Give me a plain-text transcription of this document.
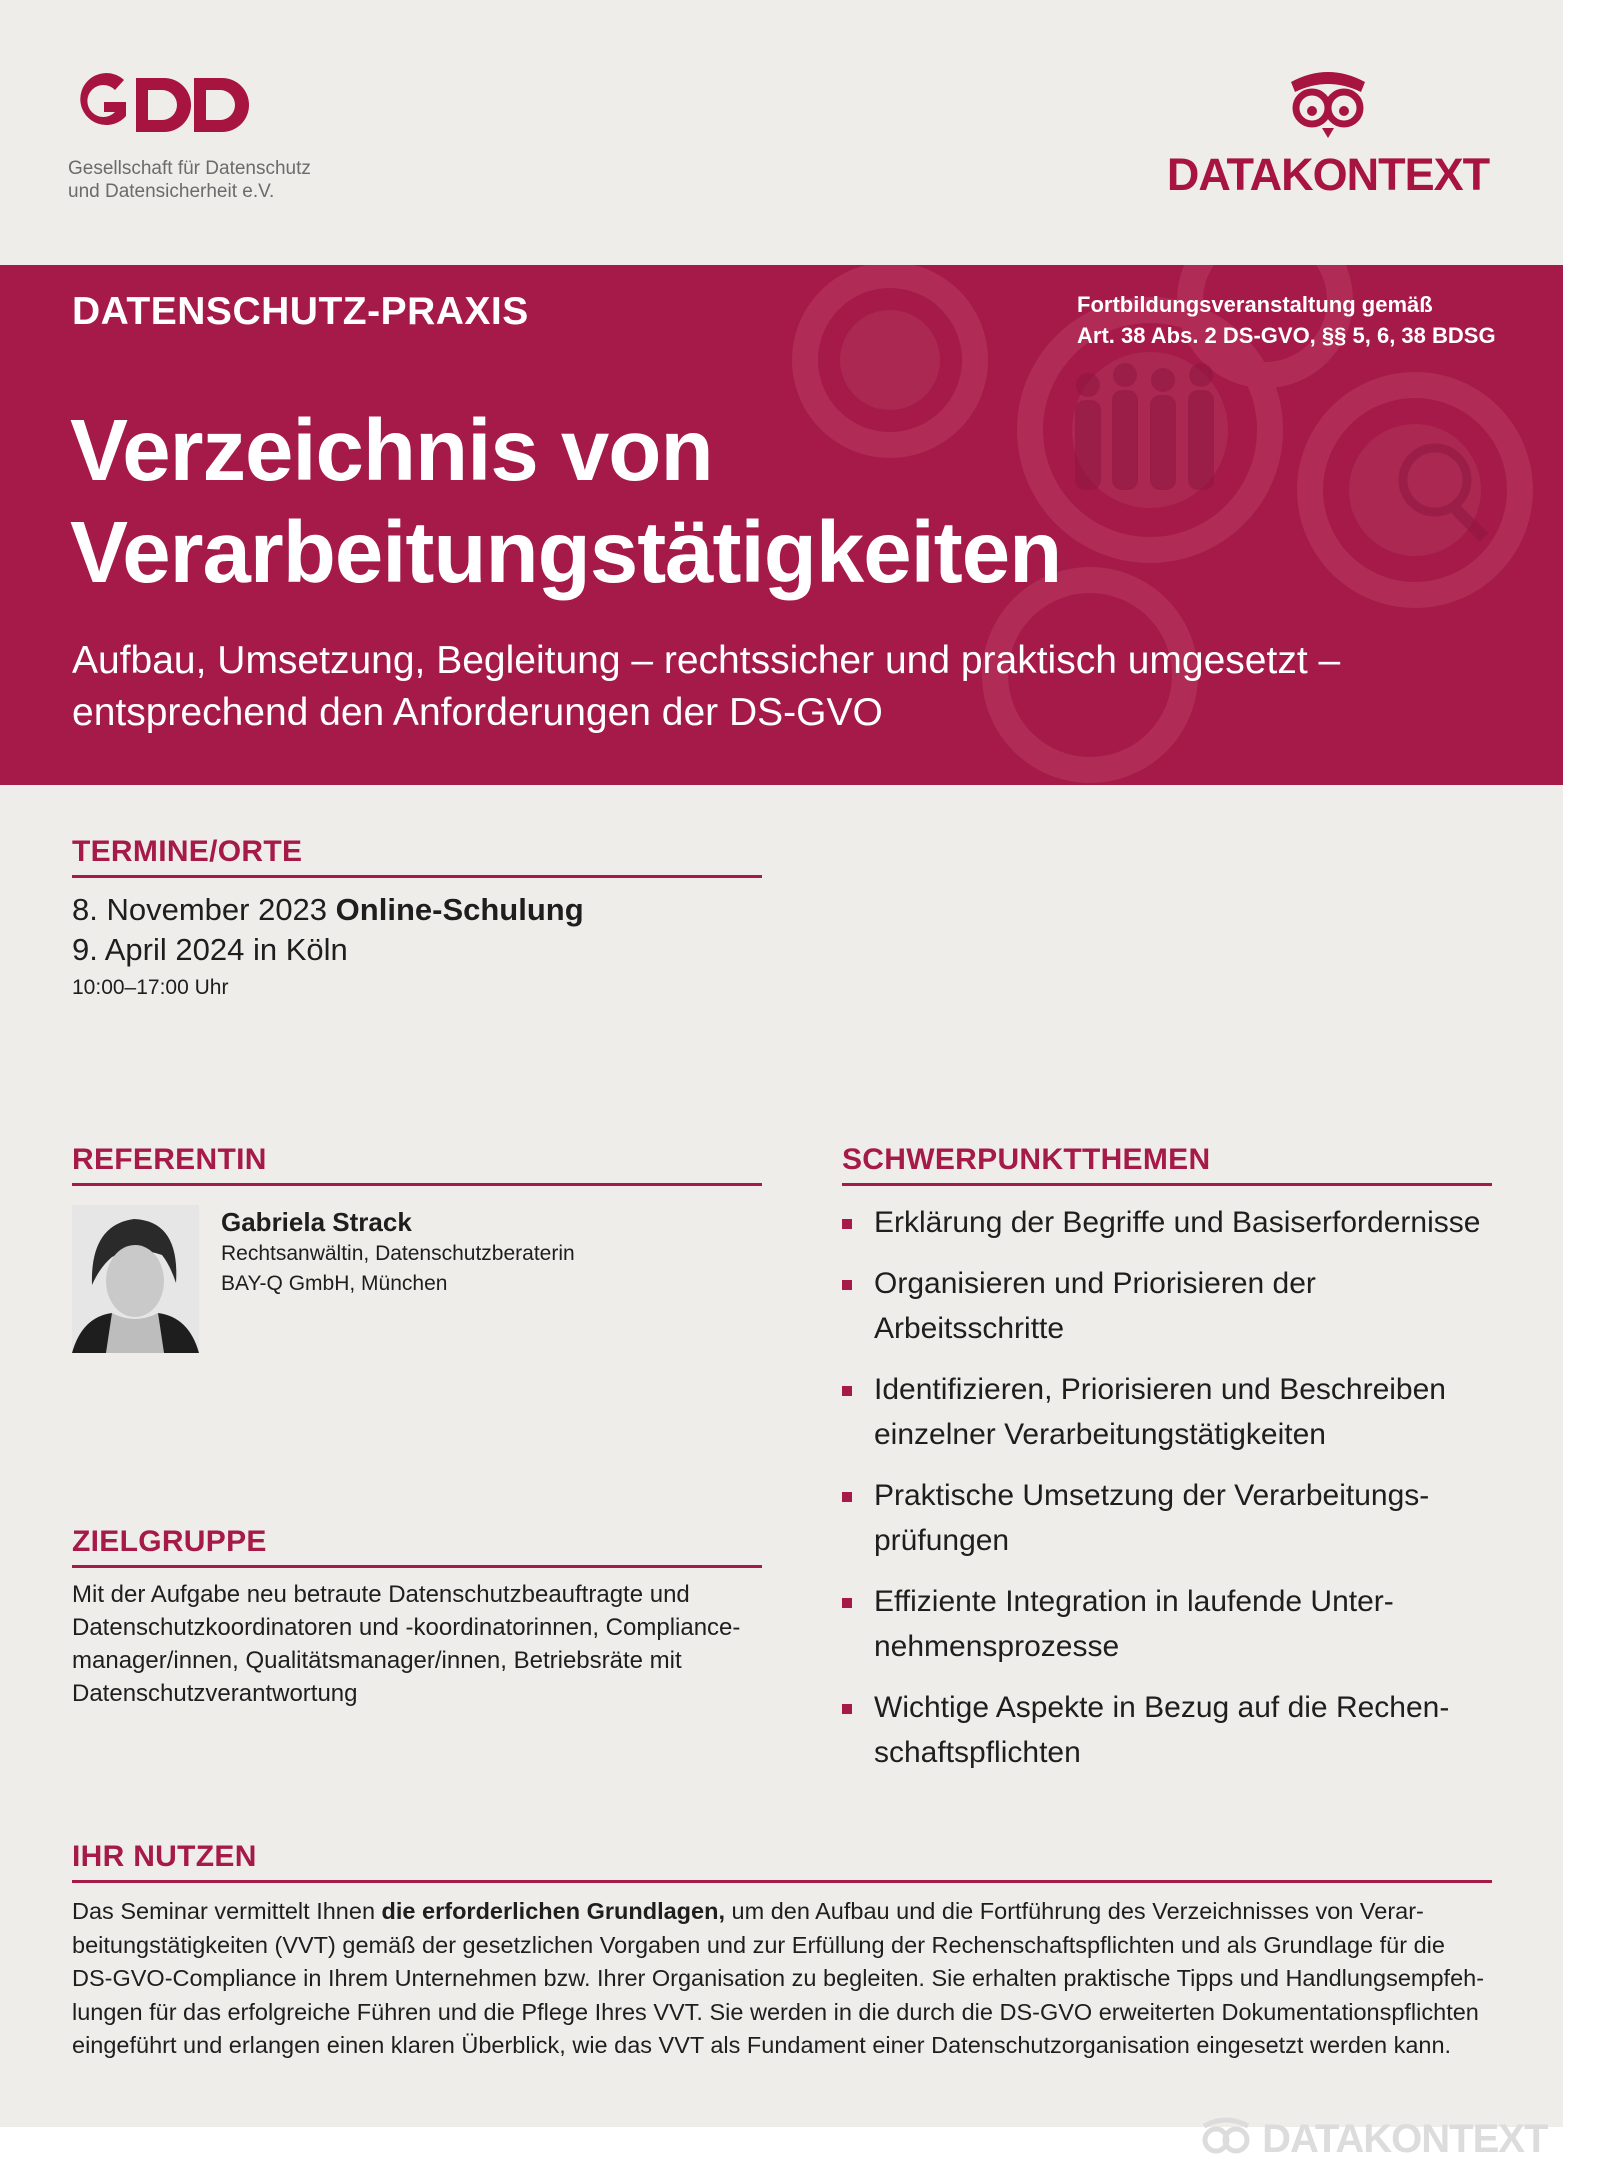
Gesellschaft für Datenschutz
und Datensicherheit e.V.	DATAKONTEXT
DATENSCHUTZ-PRAXIS	Fortbildungsveranstaltung gemäß
Art. 38 Abs. 2 DS-GVO, §§ 5, 6, 38 BDSG
Verzeichnis von
Verarbeitungstätigkeiten
Aufbau, Umsetzung, Begleitung – rechtssicher und praktisch umgesetzt –
entsprechend den Anforderungen der DS-GVO
TERMINE/ORTE
8. November 2023 Online-Schulung
9. April 2024 in Köln
10:00–17:00 Uhr
REFERENTIN
Gabriela Strack
Rechtsanwältin, Datenschutzberaterin
BAY-Q GmbH, München
ZIELGRUPPE
Mit der Aufgabe neu betraute Datenschutzbeauftragte und
Datenschutzkoordinatoren und -koordinatorinnen, Compliance-
manager/innen, Qualitätsmanager/innen, Betriebsräte mit
Datenschutzverantwortung
SCHWERPUNKTTHEMEN
Erklärung der Begriffe und Basiserfordernisse
Organisieren und Priorisieren der Arbeitsschritte
Identifizieren, Priorisieren und Beschreiben
einzelner Verarbeitungstätigkeiten
Praktische Umsetzung der Verarbeitungs-
prüfungen
Effiziente Integration in laufende Unter-
nehmensprozesse
Wichtige Aspekte in Bezug auf die Rechen-
schaftspflichten
IHR NUTZEN
Das Seminar vermittelt Ihnen die erforderlichen Grundlagen, um den Aufbau und die Fortführung des Verzeichnisses von Verar-
beitungstätigkeiten (VVT) gemäß der gesetzlichen Vorgaben und zur Erfüllung der Rechenschaftspflichten und als Grundlage für die
DS-GVO-Compliance in Ihrem Unternehmen bzw. Ihrer Organisation zu begleiten. Sie erhalten praktische Tipps und Handlungsempfeh-
lungen für das erfolgreiche Führen und die Pflege Ihres VVT. Sie werden in die durch die DS-GVO erweiterten Dokumentationspflichten
eingeführt und erlangen einen klaren Überblick, wie das VVT als Fundament einer Datenschutzorganisation eingesetzt werden kann.
DATAKONTEXT
